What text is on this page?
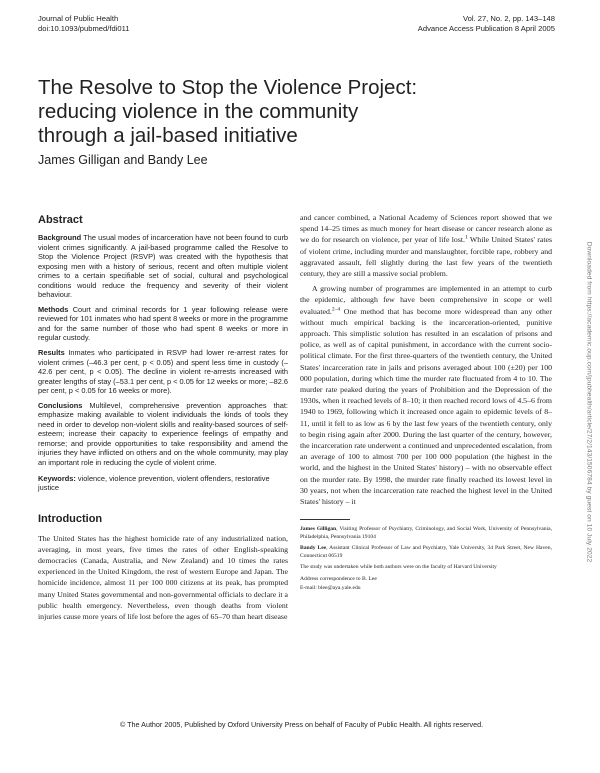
Journal of Public Health
doi:10.1093/pubmed/fdi011
Vol. 27, No. 2, pp. 143–148
Advance Access Publication 8 April 2005
The Resolve to Stop the Violence Project:
reducing violence in the community
through a jail-based initiative
James Gilligan and Bandy Lee
Abstract

Background The usual modes of incarceration have not been found to curb violent crimes significantly. A jail-based programme called the Resolve to Stop the Violence Project (RSVP) was created with the hypothesis that exposing men with a history of serious, recent and often multiple violent crimes to a certain specifiable set of social, cultural and psychological conditions would reduce the frequency and severity of their violent behaviour.

Methods Court and criminal records for 1 year following release were reviewed for 101 inmates who had spent 8 weeks or more in the programme and for the same number of those who had spent 8 weeks or more in regular custody.

Results Inmates who participated in RSVP had lower re-arrest rates for violent crimes (–46.3 per cent, p < 0.05) and spent less time in custody (–42.6 per cent, p < 0.05). The decline in violent re-arrests increased with greater lengths of stay (–53.1 per cent, p < 0.05 for 12 weeks or more; –82.6 per cent, p < 0.05 for 16 weeks or more).

Conclusions Multilevel, comprehensive prevention approaches that: emphasize making available to violent individuals the kinds of tools they need in order to develop non-violent skills and reality-based sources of self-esteem; increase their capacity to experience feelings of empathy and remorse; and provide opportunities to take responsibility and amend the injuries they have inflicted on others and on the whole community, may play an important role in reducing the cycle of violent crime.

Keywords: violence, violence prevention, violent offenders, restorative justice
Introduction

The United States has the highest homicide rate of any industrialized nation, averaging, in most years, five times the rates of other English-speaking democracies (Canada, Australia, and New Zealand) and 10 times the rates experienced in the United Kingdom, the rest of western Europe and Japan. The homicide incidence, almost 11 per 100 000 citizens at its peak, has prompted many United States governmental and non-governmental officials to declare it a public health emergency. Nevertheless, even though deaths from violent injuries cause more years of life lost before the ages of 65–70 than heart disease

and cancer combined, a National Academy of Sciences report showed that we spend 14–25 times as much money for heart disease or cancer research alone as we do for research on violence, per year of life lost.$^1$ While United States' rates of violent crime, including murder and manslaughter, forcible rape, robbery and aggravated assault, fell slightly during the last few years of the twentieth century, they are still a massive social problem.

A growing number of programmes are implemented in an attempt to curb the epidemic, although few have been comprehensive in scope or well evaluated.$^{2-4}$ One method that has become more widespread than any other without much empirical backing is the incarceration-oriented, punitive approach. This simplistic solution has resulted in an escalation of prisons and police, as well as of capital punishment, in accordance with the current socio-political climate. For the first three-quarters of the twentieth century, the United States' incarceration rate in jails and prisons averaged about 100 (±20) per 100 000 population, during which time the murder rate fluctuated from 4 to 10. The murder rate peaked during the years of Prohibition and the Depression of the 1930s, when it reached levels of 8–10; it then reached record lows of 4.5–6 from 1940 to 1969, following which it increased once again to epidemic levels of 8–11, until it fell to as low as 6 by the last few years of the twentieth century, only to begin rising again after 2000. During the last quarter of the century, however, the incarceration rate underwent a continued and unprecedented escalation, from an average of 100 to almost 700 per 100 000 population (the highest in the world, and the highest in the United States' history) – with no observable effect on the murder rate. By 1998, the murder rate finally reached its lowest level in 30 years, not when the incarceration rate reached the highest level in the United States' history – it

James Gilligan, Visiting Professor of Psychiatry, Criminology, and Social Work, University of Pennsylvania, Philadelphia, Pennsylvania 19104

Bandy Lee, Assistant Clinical Professor of Law and Psychiatry, Yale University, 34 Park Street, New Haven, Connecticut 06519

The study was undertaken while both authors were on the faculty of Harvard University

Address correspondence to B. Lee

E-mail: blee@aya.yale.edu

© The Author 2005, Published by Oxford University Press on behalf of Faculty of Public Health. All rights reserved.
Downloaded from https://academic.oup.com/jpubhealth/article/27/2/143/1506784 by guest on 10 July 2022
